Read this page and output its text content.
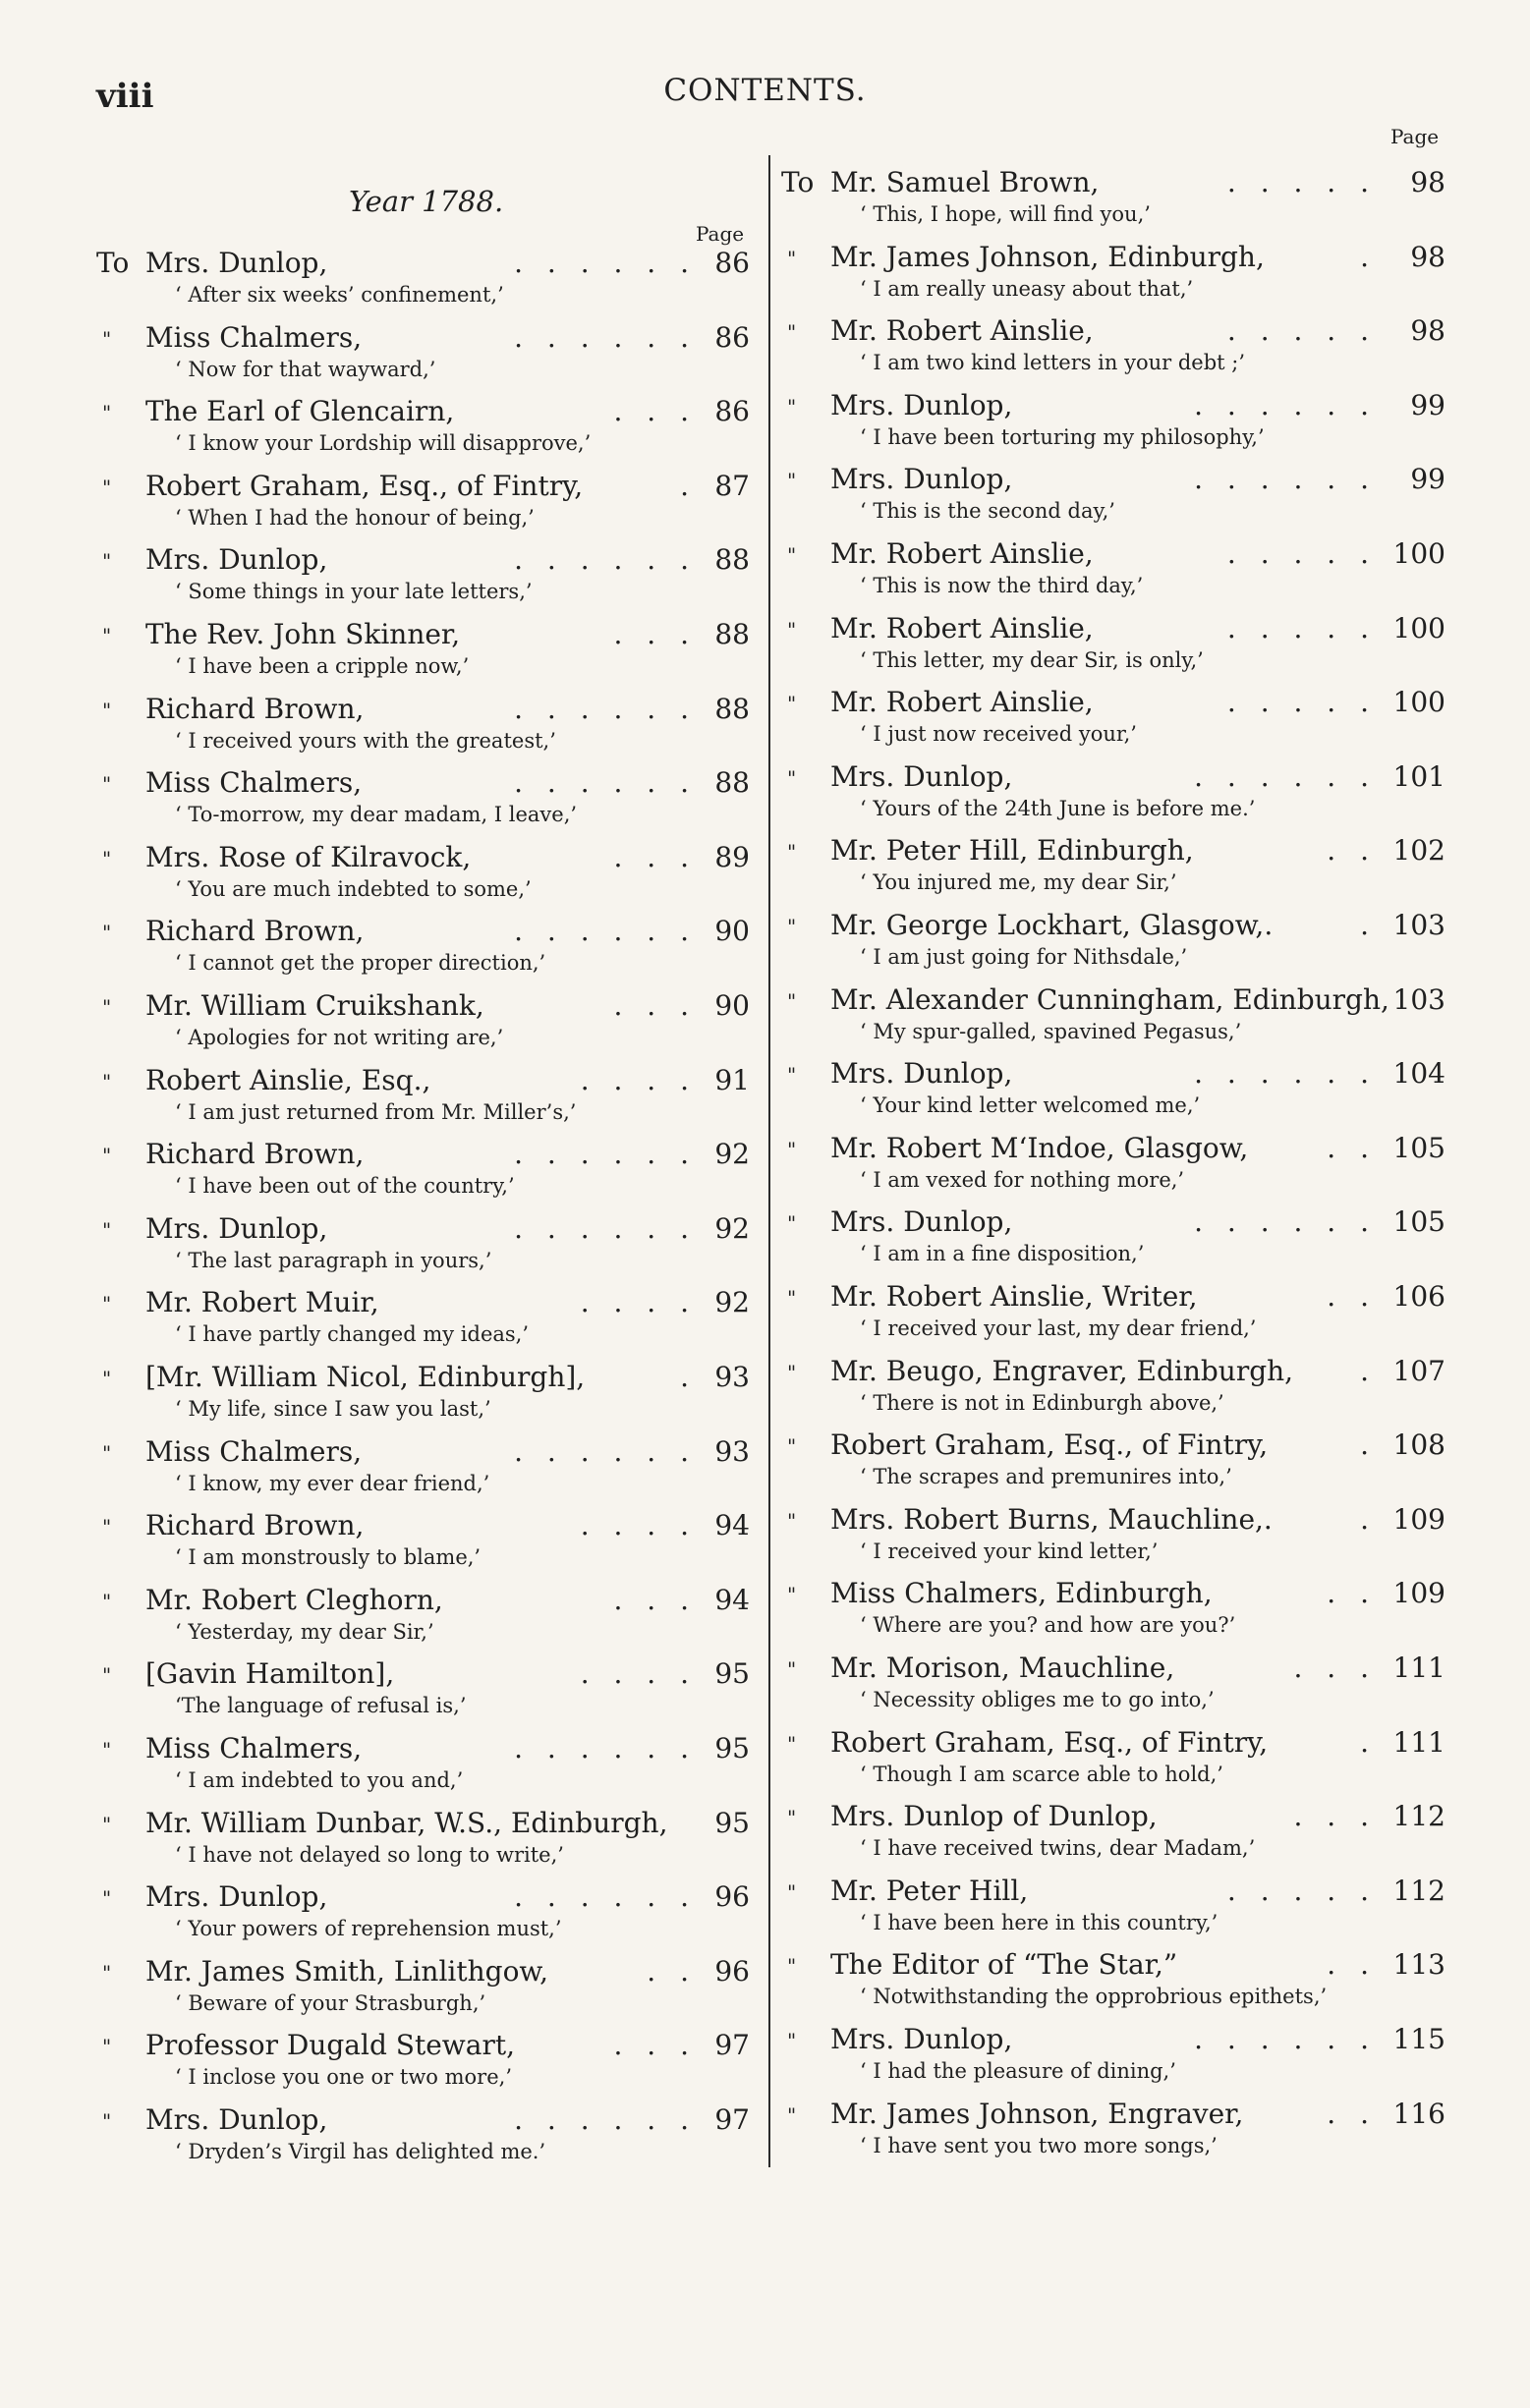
viii	CONTENTS.
Year 1788.
Page
Page
To Mrs. Dunlop,	. . . . . . 86
‘ After six weeks’ confinement,’
" Miss Chalmers,	. . . . . . 86
‘ Now for that wayward,’
" The Earl of Glencairn,	. . . 86
‘ I know your Lordship will disapprove,’
" Robert Graham, Esq., of Fintry,	. 87
‘ When I had the honour of being,’
" Mrs. Dunlop,	. . . . . . 88
‘ Some things in your late letters,’
" The Rev. John Skinner,	. . . 88
‘ I have been a cripple now,’
" Richard Brown,	. . . . . . 88
‘ I received yours with the greatest,’
" Miss Chalmers,	. . . . . . 88
‘ To-morrow, my dear madam, I leave,’
" Mrs. Rose of Kilravock,	. . . 89
‘ You are much indebted to some,’
" Richard Brown,	. . . . . . 90
‘ I cannot get the proper direction,’
" Mr. William Cruikshank,	. . . 90
‘ Apologies for not writing are,’
" Robert Ainslie, Esq.,	. . . . 91
‘ I am just returned from Mr. Miller’s,’
" Richard Brown,	. . . . . . 92
‘ I have been out of the country,’
" Mrs. Dunlop,	. . . . . . 92
‘ The last paragraph in yours,’
" Mr. Robert Muir,	. . . . 92
‘ I have partly changed my ideas,’
" [Mr. William Nicol, Edinburgh],	. 93
‘ My life, since I saw you last,’
" Miss Chalmers,	. . . . . . 93
‘ I know, my ever dear friend,’
" Richard Brown,	. . . . 94
‘ I am monstrously to blame,’
" Mr. Robert Cleghorn,	. . . 94
‘ Yesterday, my dear Sir,’
" [Gavin Hamilton],	. . . . 95
‘The language of refusal is,’
" Miss Chalmers,	. . . . . . 95
‘ I am indebted to you and,’
" Mr. William Dunbar, W.S., Edinburgh, 95
‘ I have not delayed so long to write,’
" Mrs. Dunlop,	. . . . . . 96
‘ Your powers of reprehension must,’
" Mr. James Smith, Linlithgow,	. . 96
‘ Beware of your Strasburgh,’
" Professor Dugald Stewart,	. . . 97
‘ I inclose you one or two more,’
" Mrs. Dunlop,	. . . . . . 97
‘ Dryden’s Virgil has delighted me.’
To Mr. Samuel Brown,	. . . . . 98
‘ This, I hope, will find you,’
" Mr. James Johnson, Edinburgh,	. 98
‘ I am really uneasy about that,’
" Mr. Robert Ainslie,	. . . . . 98
‘ I am two kind letters in your debt ;’
" Mrs. Dunlop,	. . . . . . 99
‘ I have been torturing my philosophy,’
" Mrs. Dunlop,	. . . . . . 99
‘ This is the second day,’
" Mr. Robert Ainslie,	. . . . . 100
‘ This is now the third day,’
" Mr. Robert Ainslie,	. . . . . 100
‘ This letter, my dear Sir, is only,’
" Mr. Robert Ainslie,	. . . . . 100
‘ I just now received your,’
" Mrs. Dunlop,	. . . . . . 101
‘ Yours of the 24th June is before me.’
" Mr. Peter Hill, Edinburgh,	. . 102
‘ You injured me, my dear Sir,’
" Mr. George Lockhart, Glasgow,.	. 103
‘ I am just going for Nithsdale,’
" Mr. Alexander Cunningham, Edinburgh, 103
‘ My spur-galled, spavined Pegasus,’
" Mrs. Dunlop,	. . . . . . 104
‘ Your kind letter welcomed me,’
" Mr. Robert M‘Indoe, Glasgow,	. . 105
‘ I am vexed for nothing more,’
" Mrs. Dunlop,	. . . . . . 105
‘ I am in a fine disposition,’
" Mr. Robert Ainslie, Writer,	. . 106
‘ I received your last, my dear friend,’
" Mr. Beugo, Engraver, Edinburgh, . 107
‘ There is not in Edinburgh above,’
" Robert Graham, Esq., of Fintry,	. 108
‘ The scrapes and premunires into,’
" Mrs. Robert Burns, Mauchline,.	. 109
‘ I received your kind letter,’
" Miss Chalmers, Edinburgh,	. . 109
‘ Where are you? and how are you?’
" Mr. Morison, Mauchline,	. . . 111
‘ Necessity obliges me to go into,’
" Robert Graham, Esq., of Fintry,	. 111
‘ Though I am scarce able to hold,’
" Mrs. Dunlop of Dunlop,	. . . 112
‘ I have received twins, dear Madam,’
" Mr. Peter Hill,	. . . . . 112
‘ I have been here in this country,’
" The Editor of “The Star,”	. . 113
‘ Notwithstanding the opprobrious epithets,’
" Mrs. Dunlop,	. . . . . . 115
‘ I had the pleasure of dining,’
" Mr. James Johnson, Engraver,	. . 116
‘ I have sent you two more songs,’
